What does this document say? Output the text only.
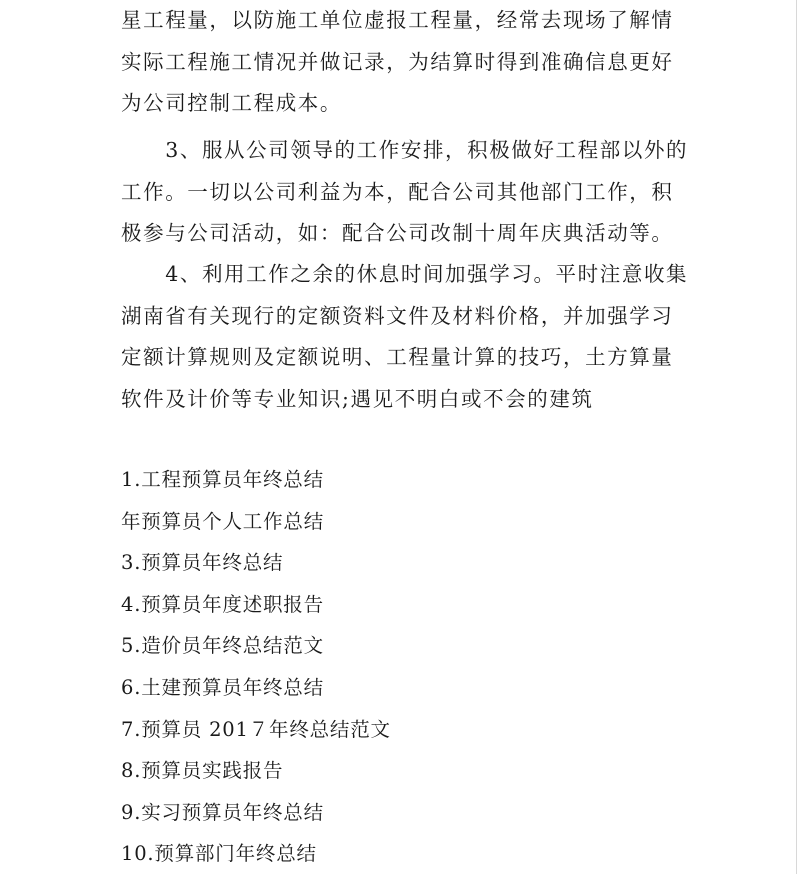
星工程量，以防施工单位虚报工程量，经常去现场了解情
实际工程施工情况并做记录，为结算时得到准确信息更好
为公司控制工程成本。
　　3、服从公司领导的工作安排，积极做好工程部以外的
工作。一切以公司利益为本，配合公司其他部门工作，积
极参与公司活动，如：配合公司改制十周年庆典活动等。
　　4、利用工作之余的休息时间加强学习。平时注意收集
湖南省有关现行的定额资料文件及材料价格，并加强学习
定额计算规则及定额说明、工程量计算的技巧，土方算量
软件及计价等专业知识;遇见不明白或不会的建筑
1.工程预算员年终总结
年预算员个人工作总结
3.预算员年终总结
4.预算员年度述职报告
5.造价员年终总结范文
6.土建预算员年终总结
7.预算员 201７年终总结范文
8.预算员实践报告
9.实习预算员年终总结
10.预算部门年终总结
